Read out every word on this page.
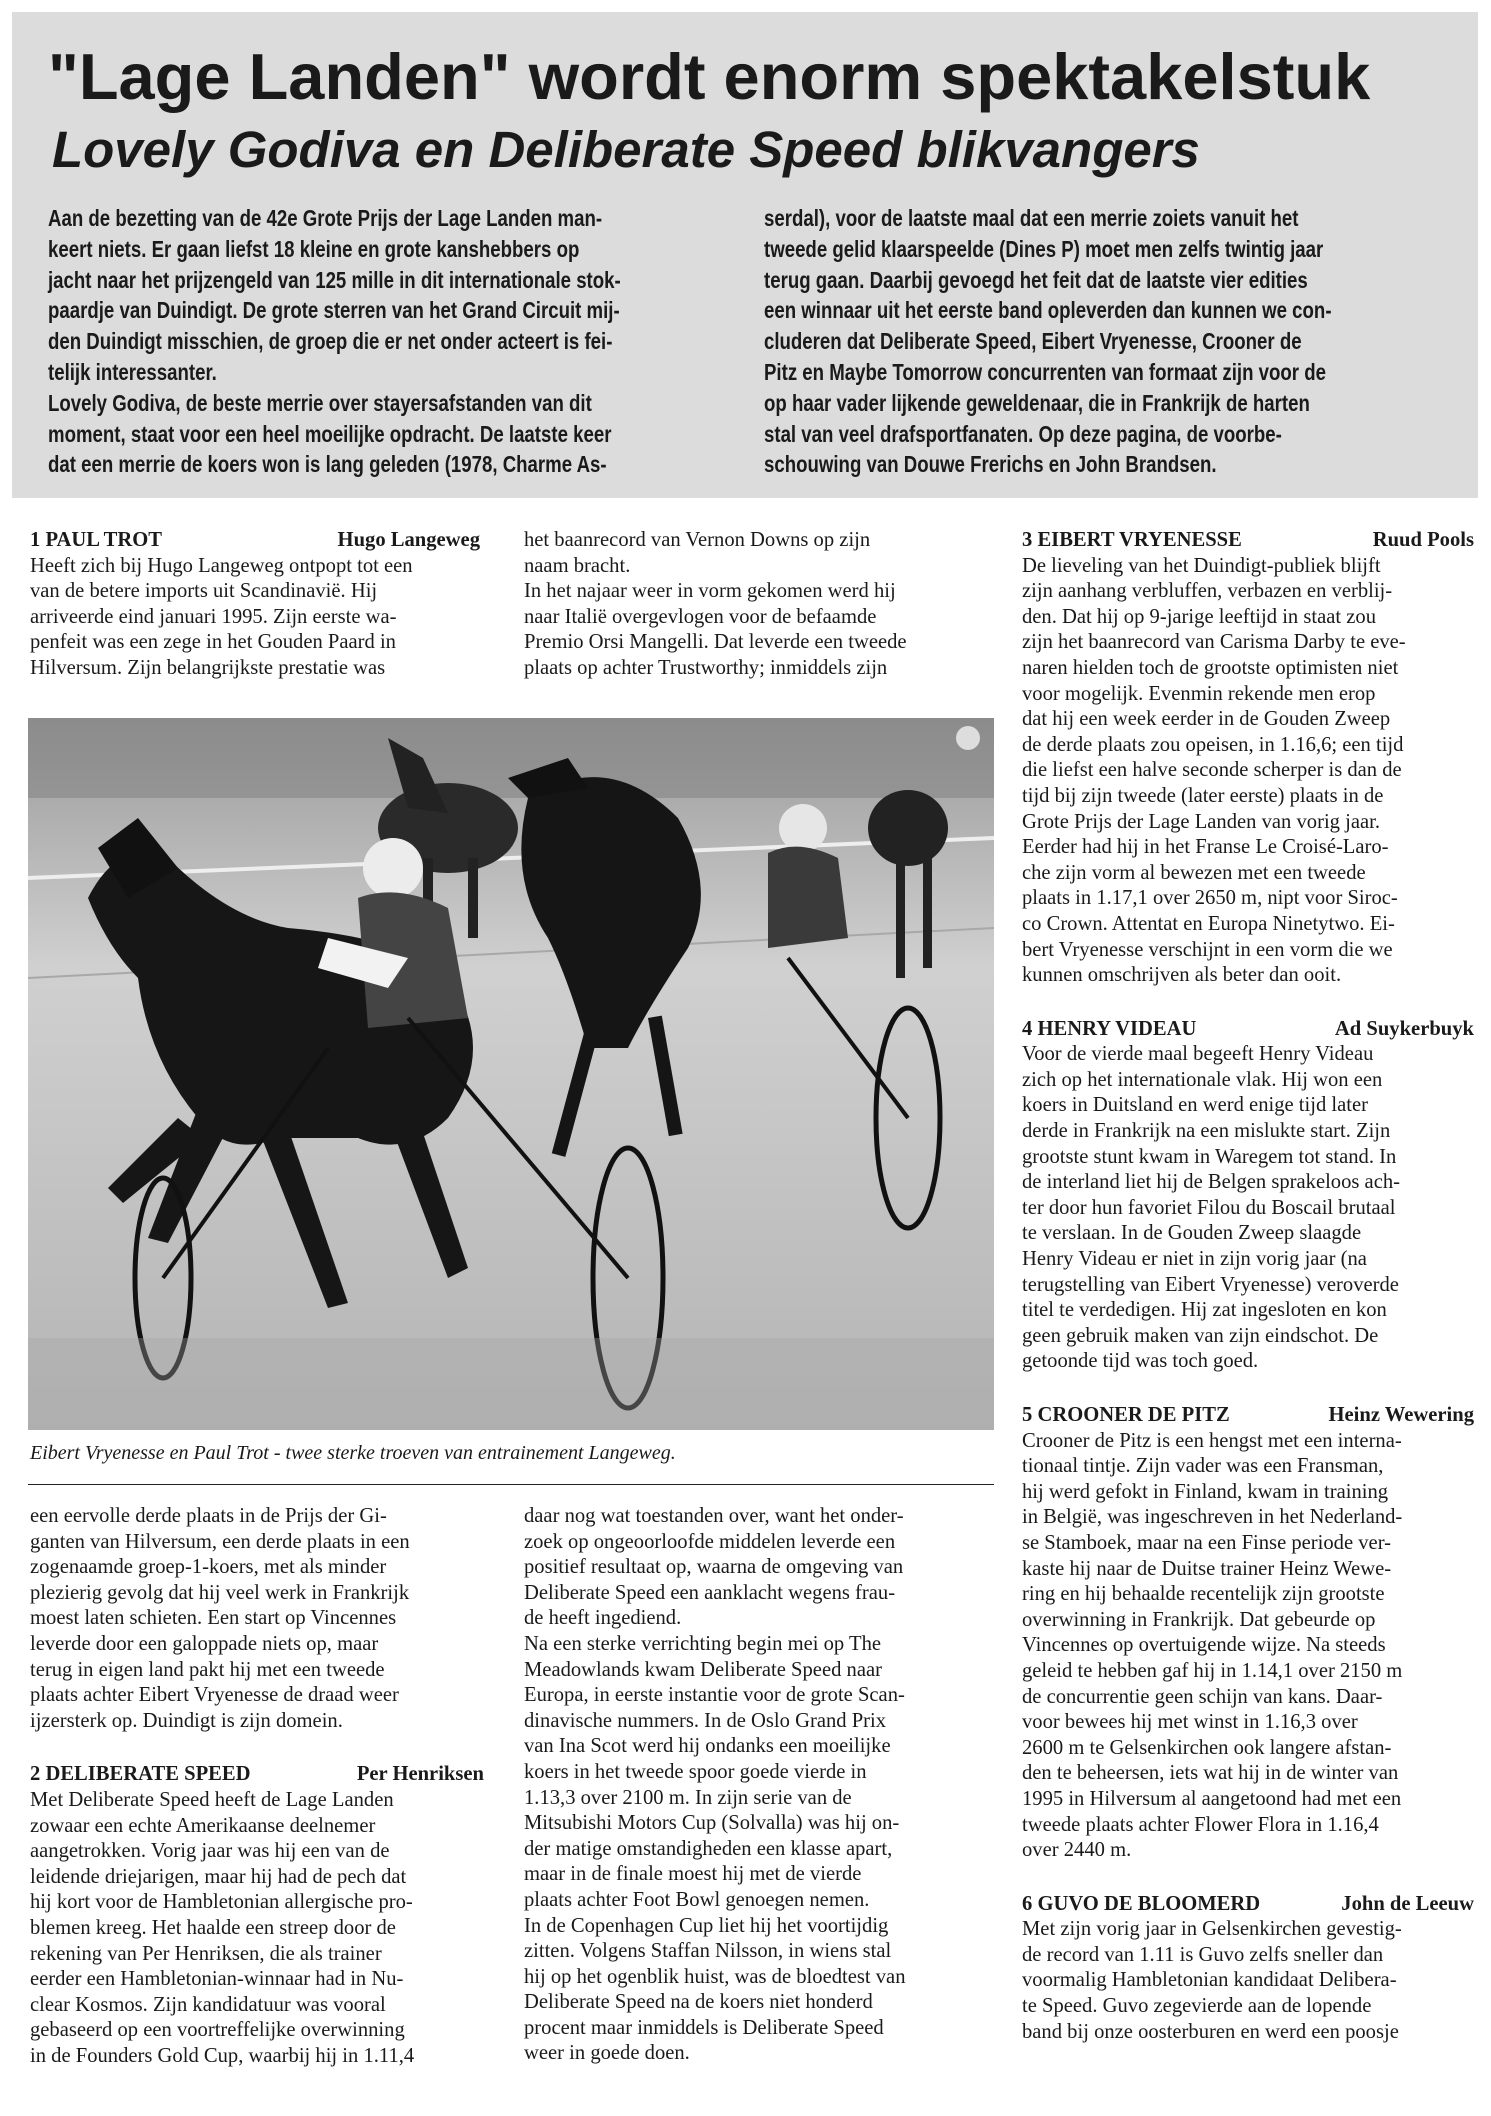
"Lage Landen" wordt enorm spektakelstuk
Lovely Godiva en Deliberate Speed blikvangers
Aan de bezetting van de 42e Grote Prijs der Lage Landen man-
keert niets. Er gaan liefst 18 kleine en grote kanshebbers op
jacht naar het prijzengeld van 125 mille in dit internationale stok-
paardje van Duindigt. De grote sterren van het Grand Circuit mij-
den Duindigt misschien, de groep die er net onder acteert is fei-
telijk interessanter.
Lovely Godiva, de beste merrie over stayersafstanden van dit
moment, staat voor een heel moeilijke opdracht. De laatste keer
dat een merrie de koers won is lang geleden (1978, Charme As-
serdal), voor de laatste maal dat een merrie zoiets vanuit het
tweede gelid klaarspeelde (Dines P) moet men zelfs twintig jaar
terug gaan. Daarbij gevoegd het feit dat de laatste vier edities
een winnaar uit het eerste band opleverden dan kunnen we con-
cluderen dat Deliberate Speed, Eibert Vryenesse, Crooner de
Pitz en Maybe Tomorrow concurrenten van formaat zijn voor de
op haar vader lijkende geweldenaar, die in Frankrijk de harten
stal van veel drafsportfanaten. Op deze pagina, de voorbe-
schouwing van Douwe Frerichs en John Brandsen.
1 PAUL TROT	Hugo Langeweg
Heeft zich bij Hugo Langeweg ontpopt tot een
van de betere imports uit Scandinavië. Hij
arriveerde eind januari 1995. Zijn eerste wa-
penfeit was een zege in het Gouden Paard in
Hilversum. Zijn belangrijkste prestatie was
het baanrecord van Vernon Downs op zijn
naam bracht.
In het najaar weer in vorm gekomen werd hij
naar Italië overgevlogen voor de befaamde
Premio Orsi Mangelli. Dat leverde een tweede
plaats op achter Trustworthy; inmiddels zijn
Eibert Vryenesse en Paul Trot - twee sterke troeven van entrainement Langeweg.
een eervolle derde plaats in de Prijs der Gi-
ganten van Hilversum, een derde plaats in een
zogenaamde groep-1-koers, met als minder
plezierig gevolg dat hij veel werk in Frankrijk
moest laten schieten. Een start op Vincennes
leverde door een galoppade niets op, maar
terug in eigen land pakt hij met een tweede
plaats achter Eibert Vryenesse de draad weer
ijzersterk op. Duindigt is zijn domein.
2 DELIBERATE SPEED	Per Henriksen
Met Deliberate Speed heeft de Lage Landen
zowaar een echte Amerikaanse deelnemer
aangetrokken. Vorig jaar was hij een van de
leidende driejarigen, maar hij had de pech dat
hij kort voor de Hambletonian allergische pro-
blemen kreeg. Het haalde een streep door de
rekening van Per Henriksen, die als trainer
eerder een Hambletonian-winnaar had in Nu-
clear Kosmos. Zijn kandidatuur was vooral
gebaseerd op een voortreffelijke overwinning
in de Founders Gold Cup, waarbij hij in 1.11,4
daar nog wat toestanden over, want het onder-
zoek op ongeoorloofde middelen leverde een
positief resultaat op, waarna de omgeving van
Deliberate Speed een aanklacht wegens frau-
de heeft ingediend.
Na een sterke verrichting begin mei op The
Meadowlands kwam Deliberate Speed naar
Europa, in eerste instantie voor de grote Scan-
dinavische nummers. In de Oslo Grand Prix
van Ina Scot werd hij ondanks een moeilijke
koers in het tweede spoor goede vierde in
1.13,3 over 2100 m. In zijn serie van de
Mitsubishi Motors Cup (Solvalla) was hij on-
der matige omstandigheden een klasse apart,
maar in de finale moest hij met de vierde
plaats achter Foot Bowl genoegen nemen.
In de Copenhagen Cup liet hij het voortijdig
zitten. Volgens Staffan Nilsson, in wiens stal
hij op het ogenblik huist, was de bloedtest van
Deliberate Speed na de koers niet honderd
procent maar inmiddels is Deliberate Speed
weer in goede doen.
3 EIBERT VRYENESSE	Ruud Pools
De lieveling van het Duindigt-publiek blijft
zijn aanhang verbluffen, verbazen en verblij-
den. Dat hij op 9-jarige leeftijd in staat zou
zijn het baanrecord van Carisma Darby te eve-
naren hielden toch de grootste optimisten niet
voor mogelijk. Evenmin rekende men erop
dat hij een week eerder in de Gouden Zweep
de derde plaats zou opeisen, in 1.16,6; een tijd
die liefst een halve seconde scherper is dan de
tijd bij zijn tweede (later eerste) plaats in de
Grote Prijs der Lage Landen van vorig jaar.
Eerder had hij in het Franse Le Croisé-Laro-
che zijn vorm al bewezen met een tweede
plaats in 1.17,1 over 2650 m, nipt voor Siroc-
co Crown. Attentat en Europa Ninetytwo. Ei-
bert Vryenesse verschijnt in een vorm die we
kunnen omschrijven als beter dan ooit.
4 HENRY VIDEAU	Ad Suykerbuyk
Voor de vierde maal begeeft Henry Videau
zich op het internationale vlak. Hij won een
koers in Duitsland en werd enige tijd later
derde in Frankrijk na een mislukte start. Zijn
grootste stunt kwam in Waregem tot stand. In
de interland liet hij de Belgen sprakeloos ach-
ter door hun favoriet Filou du Boscail brutaal
te verslaan. In de Gouden Zweep slaagde
Henry Videau er niet in zijn vorig jaar (na
terugstelling van Eibert Vryenesse) veroverde
titel te verdedigen. Hij zat ingesloten en kon
geen gebruik maken van zijn eindschot. De
getoonde tijd was toch goed.
5 CROONER DE PITZ	Heinz Wewering
Crooner de Pitz is een hengst met een interna-
tionaal tintje. Zijn vader was een Fransman,
hij werd gefokt in Finland, kwam in training
in België, was ingeschreven in het Nederland-
se Stamboek, maar na een Finse periode ver-
kaste hij naar de Duitse trainer Heinz Wewe-
ring en hij behaalde recentelijk zijn grootste
overwinning in Frankrijk. Dat gebeurde op
Vincennes op overtuigende wijze. Na steeds
geleid te hebben gaf hij in 1.14,1 over 2150 m
de concurrentie geen schijn van kans. Daar-
voor bewees hij met winst in 1.16,3 over
2600 m te Gelsenkirchen ook langere afstan-
den te beheersen, iets wat hij in de winter van
1995 in Hilversum al aangetoond had met een
tweede plaats achter Flower Flora in 1.16,4
over 2440 m.
6 GUVO DE BLOOMERD	John de Leeuw
Met zijn vorig jaar in Gelsenkirchen gevestig-
de record van 1.11 is Guvo zelfs sneller dan
voormalig Hambletonian kandidaat Delibera-
te Speed. Guvo zegevierde aan de lopende
band bij onze oosterburen en werd een poosje
